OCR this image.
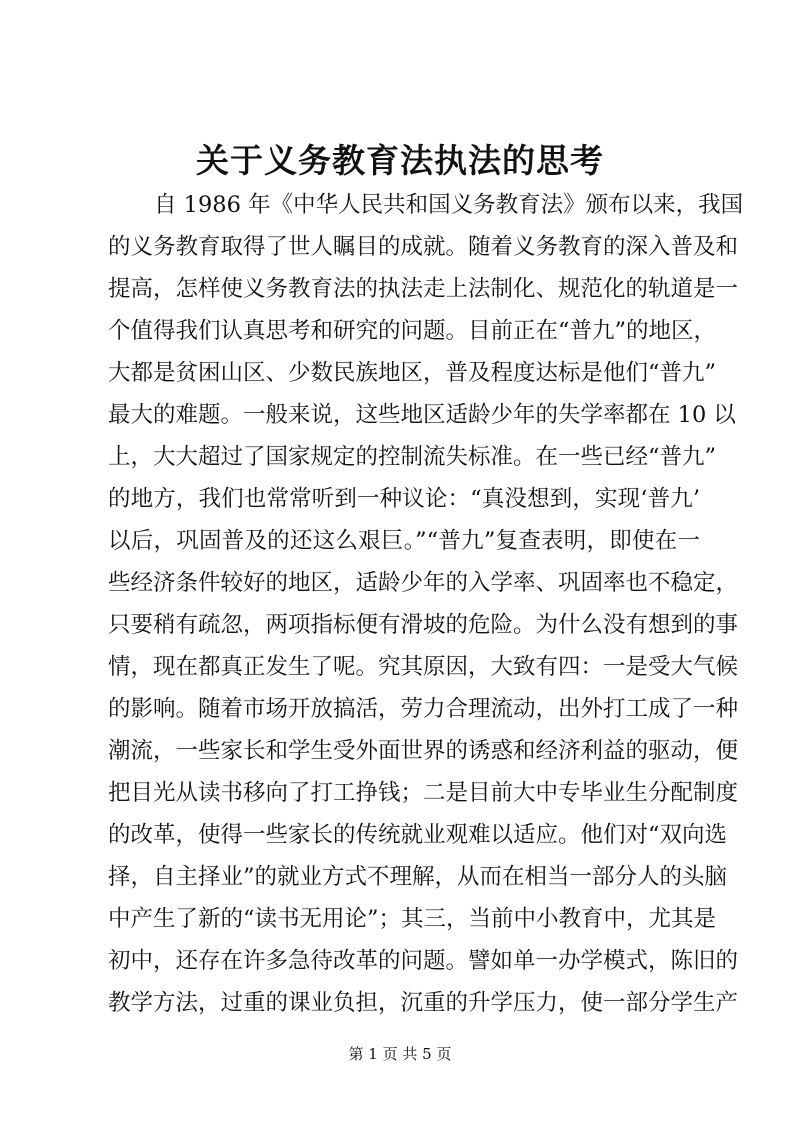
关于义务教育法执法的思考
自 1986 年《中华人民共和国义务教育法》颁布以来，我国
的义务教育取得了世人瞩目的成就。随着义务教育的深入普及和
提高，怎样使义务教育法的执法走上法制化、规范化的轨道是一
个值得我们认真思考和研究的问题。目前正在“普九”的地区，
大都是贫困山区、少数民族地区，普及程度达标是他们“普九”
最大的难题。一般来说，这些地区适龄少年的失学率都在 10 以
上，大大超过了国家规定的控制流失标准。在一些已经“普九”
的地方，我们也常常听到一种议论：“真没想到，实现‘普九’
以后，巩固普及的还这么艰巨。”“普九”复查表明，即使在一
些经济条件较好的地区，适龄少年的入学率、巩固率也不稳定，
只要稍有疏忽，两项指标便有滑坡的危险。为什么没有想到的事
情，现在都真正发生了呢。究其原因，大致有四：一是受大气候
的影响。随着市场开放搞活，劳力合理流动，出外打工成了一种
潮流，一些家长和学生受外面世界的诱惑和经济利益的驱动，便
把目光从读书移向了打工挣钱；二是目前大中专毕业生分配制度
的改革，使得一些家长的传统就业观难以适应。他们对“双向选
择，自主择业”的就业方式不理解，从而在相当一部分人的头脑
中产生了新的“读书无用论”；其三，当前中小教育中，尤其是
初中，还存在许多急待改革的问题。譬如单一办学模式，陈旧的
教学方法，过重的课业负担，沉重的升学压力，使一部分学生产
第 1 页 共 5 页
